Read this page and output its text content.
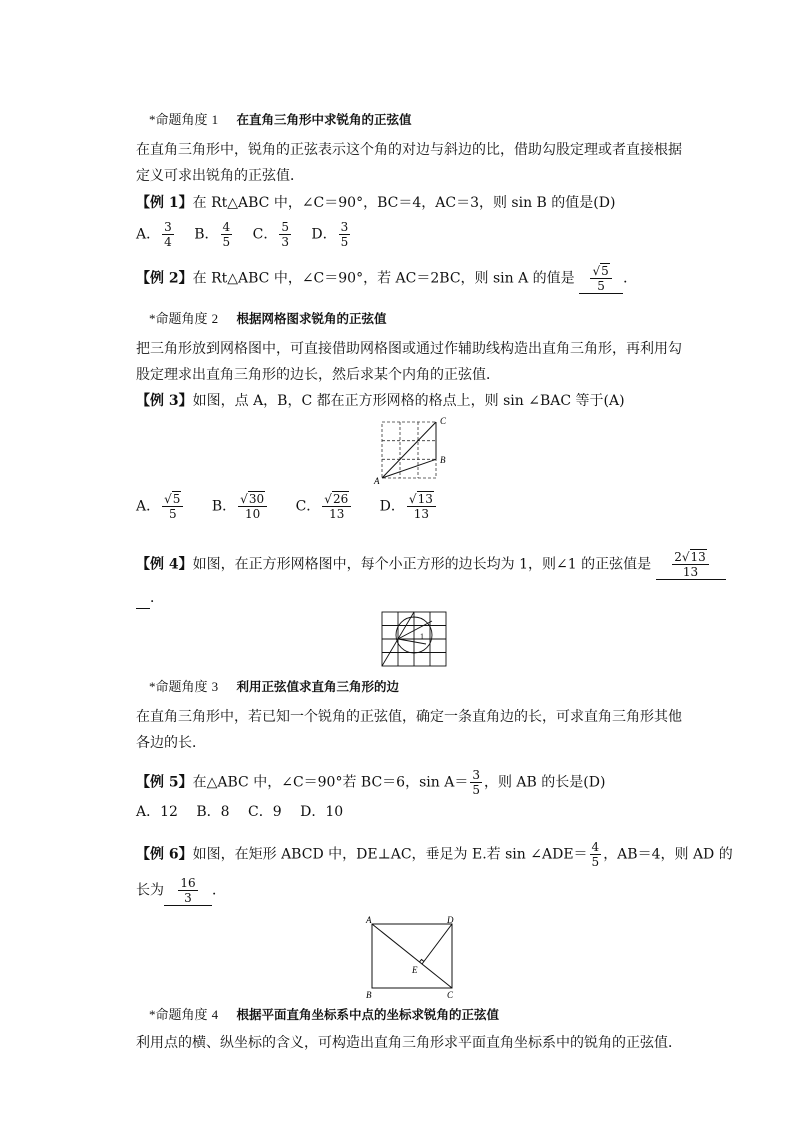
*命题角度 1 在直角三角形中求锐角的正弦值
在直角三角形中，锐角的正弦表示这个角的对边与斜边的比，借助勾股定理或者直接根据
定义可求出锐角的正弦值．
【例 1】在 Rt△ABC 中，∠C＝90°，BC＝4，AC＝3，则 sin B 的值是(D)
A． $\frac{3}{4}$ B． $\frac{4}{5}$ C． $\frac{5}{3}$ D． $\frac{3}{5}$
【例 2】在 Rt△ABC 中，∠C＝90°，若 AC＝2BC，则 sin A 的值是 $\frac{√5}{5}$ ．
*命题角度 2 根据网格图求锐角的正弦值
把三角形放到网格图中，可直接借助网格图或通过作辅助线构造出直角三角形，再利用勾
股定理求出直角三角形的边长，然后求某个内角的正弦值．
【例 3】如图，点 A，B，C 都在正方形网格的格点上，则 sin ∠BAC 等于(A)
A
B
C
A． $\frac{√5}{5}$ B． $\frac{√30}{10}$ C． $\frac{√26}{13}$ D． $\frac{√13}{13}$
【例 4】如图，在正方形网格图中，每个小正方形的边长均为 1，则∠1 的正弦值是 $\frac{2√13}{13}$
．
1
*命题角度 3 利用正弦值求直角三角形的边
在直角三角形中，若已知一个锐角的正弦值，确定一条直角边的长，可求直角三角形其他
各边的长．
【例 5】在△ABC 中，∠C＝90°若 BC＝6，$\sin A= \frac{3}{5}$ ，则 AB 的长是(D)
A．12 B．8 C．9 D．10
【例 6】如图，在矩形 ABCD 中，DE⊥AC，垂足为 E.若 sin ∠ADE＝ $\frac{4}{5}$ ，AB＝4，则 AD 的
长为 $\frac{16}{3}$ ．
A	D
B	C
E
*命题角度 4 根据平面直角坐标系中点的坐标求锐角的正弦值
利用点的横、纵坐标的含义，可构造出直角三角形求平面直角坐标系中的锐角的正弦值．
